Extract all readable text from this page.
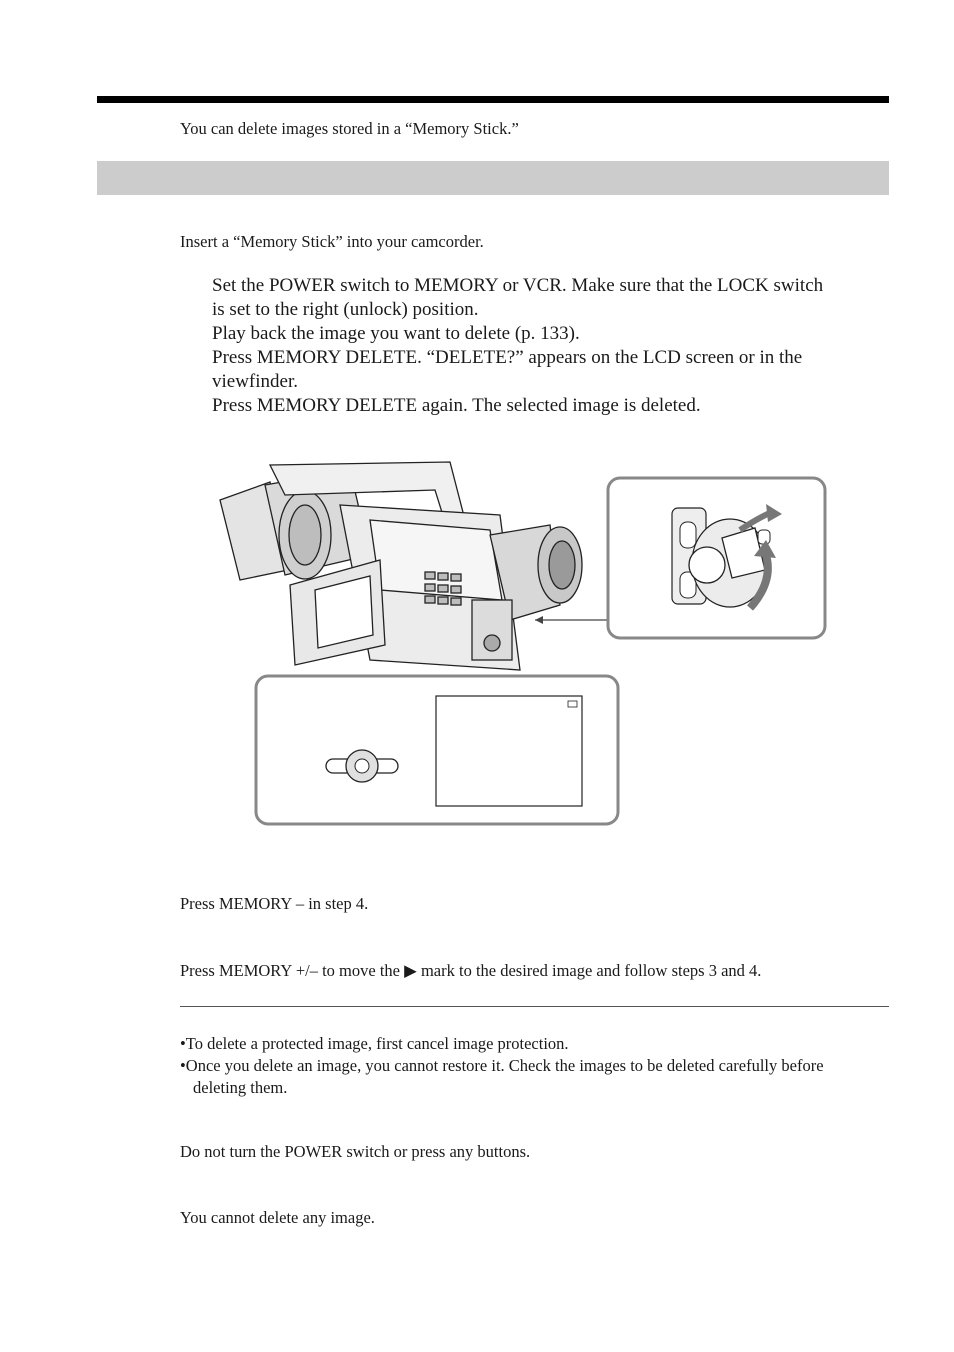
You can delete images stored in a “Memory Stick.”
Insert a “Memory Stick” into your camcorder.

Set the POWER switch to MEMORY or VCR. Make sure that the LOCK switch

is set to the right (unlock) position.

Play back the image you want to delete (p. 133).

Press MEMORY DELETE. “DELETE?” appears on the LCD screen or in the

viewfinder.

Press MEMORY DELETE again. The selected image is deleted.

Press MEMORY – in step 4.
Press MEMORY +/– to move the ▶ mark to the desired image and follow steps 3 and 4.
•To delete a protected image, first cancel image protection.
•Once you delete an image, you cannot restore it. Check the images to be deleted carefully before deleting them.
Do not turn the POWER switch or press any buttons.
You cannot delete any image.
